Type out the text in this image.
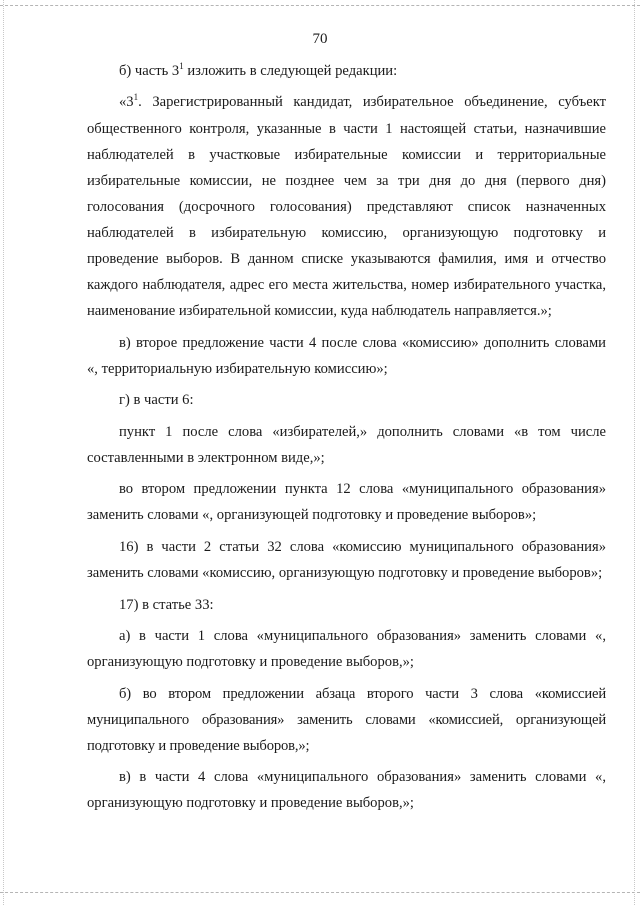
70

б) часть $3^1$ изложить в следующей редакции:

«$3^1$. Зарегистрированный кандидат, избирательное объединение, субъект общественного контроля, указанные в части 1 настоящей статьи, назначившие наблюдателей в участковые избирательные комиссии и территориальные избирательные комиссии, не позднее чем за три дня до дня (первого дня) голосования (досрочного голосования) представляют список назначенных наблюдателей в избирательную комиссию, организующую подготовку и проведение выборов. В данном списке указываются фамилия, имя и отчество каждого наблюдателя, адрес его места жительства, номер избирательного участка, наименование избирательной комиссии, куда наблюдатель направляется.»;

в) второе предложение части 4 после слова «комиссию» дополнить словами «, территориальную избирательную комиссию»;

г) в части 6:

пункт 1 после слова «избирателей,» дополнить словами «в том числе составленными в электронном виде,»;

во втором предложении пункта 12 слова «муниципального образования» заменить словами «, организующей подготовку и проведение выборов»;

16) в части 2 статьи 32 слова «комиссию муниципального образования» заменить словами «комиссию, организующую подготовку и проведение выборов»;

17) в статье 33:

а) в части 1 слова «муниципального образования» заменить словами «, организующую подготовку и проведение выборов,»;

б) во втором предложении абзаца второго части 3 слова «комиссией муниципального образования» заменить словами «комиссией, организующей подготовку и проведение выборов,»;

в) в части 4 слова «муниципального образования» заменить словами «, организующую подготовку и проведение выборов,»;
